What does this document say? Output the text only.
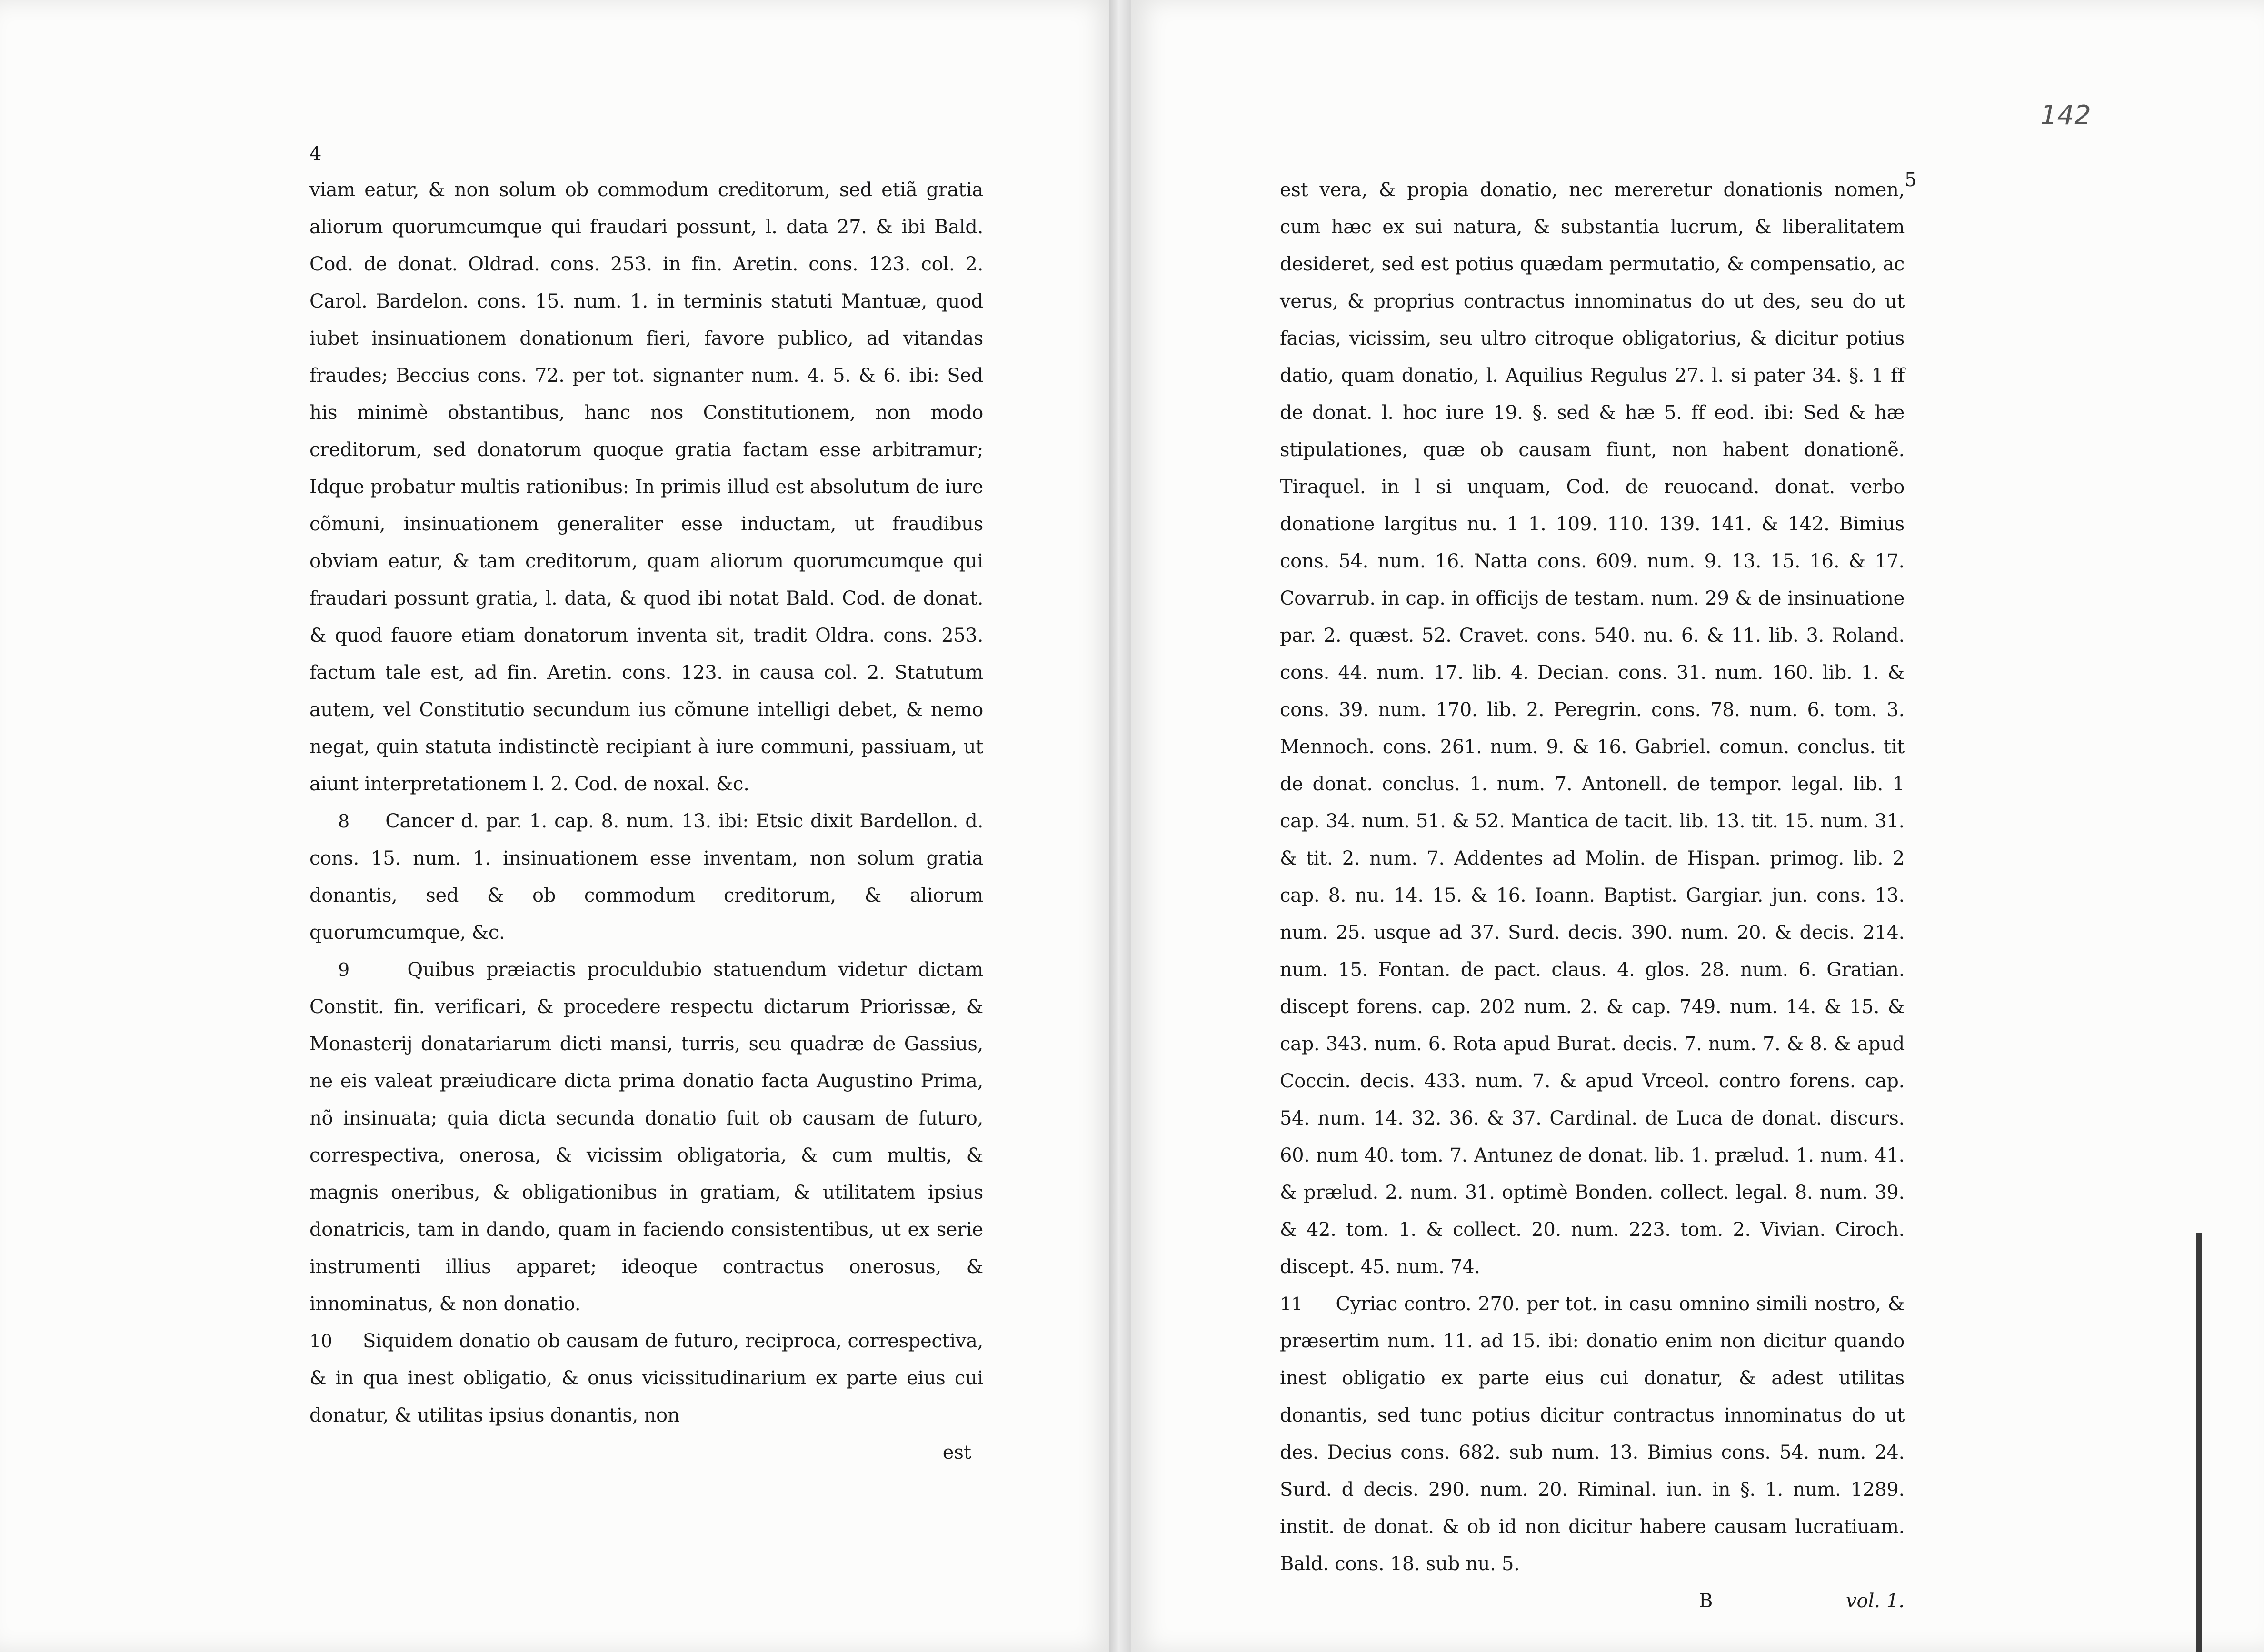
4

viam eatur, & non solum ob commodum creditorum, sed etiã gratia aliorum quorumcumque qui fraudari possunt, l. data 27. & ibi Bald. Cod. de donat. Oldrad. cons. 253. in fin. Aretin. cons. 123. col. 2. Carol. Bardelon. cons. 15. num. 1. in terminis statuti Mantuæ, quod iubet insinuationem donationum fieri, favore publico, ad vitandas fraudes; Beccius cons. 72. per tot. signanter num. 4. 5. & 6. ibi: Sed his minimè obstantibus, hanc nos Constitutionem, non modo creditorum, sed donatorum quoque gratia factam esse arbitramur; Idque probatur multis rationibus: In primis illud est absolutum de iure cõmuni, insinuationem generaliter esse inductam, ut fraudibus obviam eatur, & tam creditorum, quam aliorum quorumcumque qui fraudari possunt gratia, l. data, & quod ibi notat Bald. Cod. de donat. & quod fauore etiam donatorum inventa sit, tradit Oldra. cons. 253. factum tale est, ad fin. Aretin. cons. 123. in causa col. 2. Statutum autem, vel Constitutio secundum ius cõmune intelligi debet, & nemo negat, quin statuta indistinctè recipiant à iure communi, passiuam, ut aiunt interpretationem l. 2. Cod. de noxal. &c.

8 Cancer d. par. 1. cap. 8. num. 13. ibi: Etsic dixit Bardellon. d. cons. 15. num. 1. insinuationem esse inventam, non solum gratia donantis, sed & ob commodum creditorum, & aliorum quorumcumque, &c.

9	Quibus præiactis proculdubio statuendum videtur dictam Constit. fin. verificari, & procedere respectu dictarum Priorissæ, & Monasterij donatariarum dicti mansi, turris, seu quadræ de Gassius, ne eis valeat præiudicare dicta prima donatio facta Augustino Prima, nõ insinuata; quia dicta secunda donatio fuit ob causam de futuro, correspectiva, onerosa, & vicissim obligatoria, & cum multis, & magnis oneribus, & obligationibus in gratiam, & utilitatem ipsius donatricis, tam in dando, quam in faciendo consistentibus, ut ex serie instrumenti illius apparet; ideoque contractus onerosus, & innominatus, & non donatio.

10 Siquidem donatio ob causam de futuro, reciproca, correspectiva, & in qua inest obligatio, & onus vicissitudinarium ex parte eius cui donatur, & utilitas ipsius donantis, non

est

142
5

est vera, & propia donatio, nec mereretur donationis nomen, cum hæc ex sui natura, & substantia lucrum, & liberalitatem desideret, sed est potius quædam permutatio, & compensatio, ac verus, & proprius contractus innominatus do ut des, seu do ut facias, vicissim, seu ultro citroque obligatorius, & dicitur potius datio, quam donatio, l. Aquilius Regulus 27. l. si pater 34. §. 1 ff de donat. l. hoc iure 19. §. sed & hæ 5. ff eod. ibi: Sed & hæ stipulationes, quæ ob causam fiunt, non habent donationẽ. Tiraquel. in l si unquam, Cod. de reuocand. donat. verbo donatione largitus nu. 1 1. 109. 110. 139. 141. & 142. Bimius cons. 54. num. 16. Natta cons. 609. num. 9. 13. 15. 16. & 17. Covarrub. in cap. in officijs de testam. num. 29 & de insinuatione par. 2. quæst. 52. Cravet. cons. 540. nu. 6. & 11. lib. 3. Roland. cons. 44. num. 17. lib. 4. Decian. cons. 31. num. 160. lib. 1. & cons. 39. num. 170. lib. 2. Peregrin. cons. 78. num. 6. tom. 3. Mennoch. cons. 261. num. 9. & 16. Gabriel. comun. conclus. tit de donat. conclus. 1. num. 7. Antonell. de tempor. legal. lib. 1 cap. 34. num. 51. & 52. Mantica de tacit. lib. 13. tit. 15. num. 31. & tit. 2. num. 7. Addentes ad Molin. de Hispan. primog. lib. 2 cap. 8. nu. 14. 15. & 16. Ioann. Baptist. Gargiar. jun. cons. 13. num. 25. usque ad 37. Surd. decis. 390. num. 20. & decis. 214. num. 15. Fontan. de pact. claus. 4. glos. 28. num. 6. Gratian. discept forens. cap. 202 num. 2. & cap. 749. num. 14. & 15. & cap. 343. num. 6. Rota apud Burat. decis. 7. num. 7. & 8. & apud Coccin. decis. 433. num. 7. & apud Vrceol. contro forens. cap. 54. num. 14. 32. 36. & 37. Cardinal. de Luca de donat. discurs. 60. num 40. tom. 7. Antunez de donat. lib. 1. prælud. 1. num. 41. & prælud. 2. num. 31. optimè Bonden. collect. legal. 8. num. 39. & 42. tom. 1. & collect. 20. num. 223. tom. 2. Vivian. Ciroch. discept. 45. num. 74.

11 Cyriac contro. 270. per tot. in casu omnino simili nostro, & præsertim num. 11. ad 15. ibi: donatio enim non dicitur quando inest obligatio ex parte eius cui donatur, & adest utilitas donantis, sed tunc potius dicitur contractus innominatus do ut des. Decius cons. 682. sub num. 13. Bimius cons. 54. num. 24. Surd. d decis. 290. num. 20. Riminal. iun. in §. 1. num. 1289. instit. de donat. & ob id non dicitur habere causam lucratiuam. Bald. cons. 18. sub nu. 5.

B	vol. 1.
